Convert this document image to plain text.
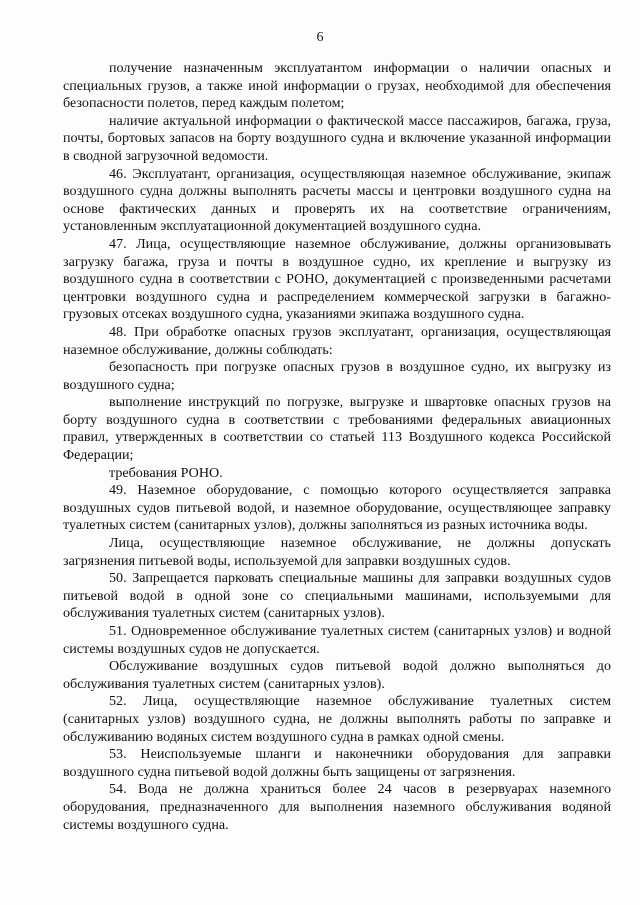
6

получение назначенным эксплуатантом информации о наличии опасных и специальных грузов, а также иной информации о грузах, необходимой для обеспечения безопасности полетов, перед каждым полетом;

наличие актуальной информации о фактической массе пассажиров, багажа, груза, почты, бортовых запасов на борту воздушного судна и включение указанной информации в сводной загрузочной ведомости.

46. Эксплуатант, организация, осуществляющая наземное обслуживание, экипаж воздушного судна должны выполнять расчеты массы и центровки воздушного судна на основе фактических данных и проверять их на соответствие ограничениям, установленным эксплуатационной документацией воздушного судна.

47. Лица, осуществляющие наземное обслуживание, должны организовывать загрузку багажа, груза и почты в воздушное судно, их крепление и выгрузку из воздушного судна в соответствии с РОНО, документацией с произведенными расчетами центровки воздушного судна и распределением коммерческой загрузки в багажно-грузовых отсеках воздушного судна, указаниями экипажа воздушного судна.

48. При обработке опасных грузов эксплуатант, организация, осуществляющая наземное обслуживание, должны соблюдать:

безопасность при погрузке опасных грузов в воздушное судно, их выгрузку из воздушного судна;

выполнение инструкций по погрузке, выгрузке и швартовке опасных грузов на борту воздушного судна в соответствии с требованиями федеральных авиационных правил, утвержденных в соответствии со статьей 113 Воздушного кодекса Российской Федерации;

требования РОНО.

49. Наземное оборудование, с помощью которого осуществляется заправка воздушных судов питьевой водой, и наземное оборудование, осуществляющее заправку туалетных систем (санитарных узлов), должны заполняться из разных источника воды.

Лица, осуществляющие наземное обслуживание, не должны допускать загрязнения питьевой воды, используемой для заправки воздушных судов.

50. Запрещается парковать специальные машины для заправки воздушных судов питьевой водой в одной зоне со специальными машинами, используемыми для обслуживания туалетных систем (санитарных узлов).

51. Одновременное обслуживание туалетных систем (санитарных узлов) и водной системы воздушных судов не допускается.

Обслуживание воздушных судов питьевой водой должно выполняться до обслуживания туалетных систем (санитарных узлов).

52. Лица, осуществляющие наземное обслуживание туалетных систем (санитарных узлов) воздушного судна, не должны выполнять работы по заправке и обслуживанию водяных систем воздушного судна в рамках одной смены.

53. Неиспользуемые шланги и наконечники оборудования для заправки воздушного судна питьевой водой должны быть защищены от загрязнения.

54. Вода не должна храниться более 24 часов в резервуарах наземного оборудования, предназначенного для выполнения наземного обслуживания водяной системы воздушного судна.
